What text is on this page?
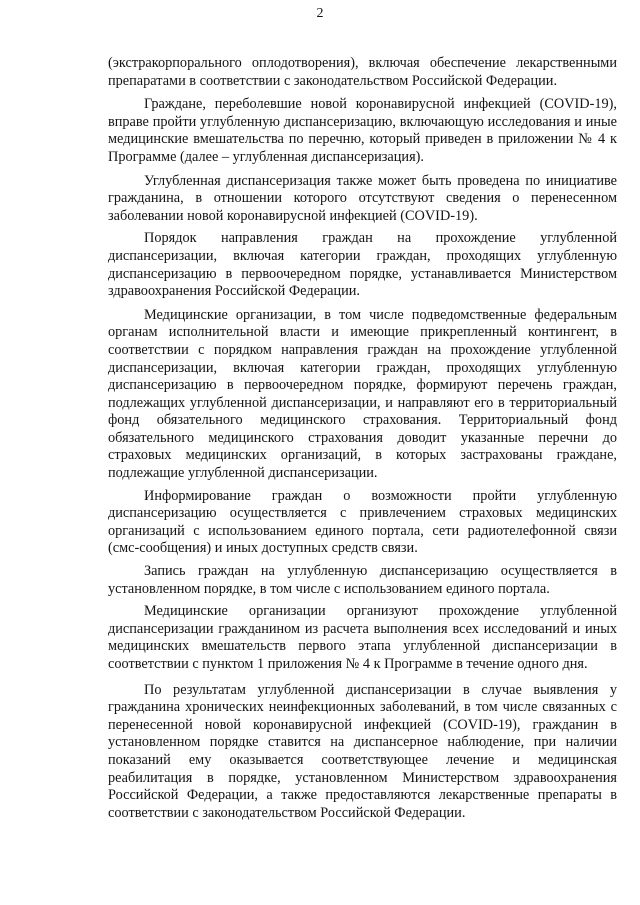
2

(экстракорпорального оплодотворения), включая обеспечение лекарственными препаратами в соответствии с законодательством Российской Федерации.

Граждане, переболевшие новой коронавирусной инфекцией (COVID-19), вправе пройти углубленную диспансеризацию, включающую исследования и иные медицинские вмешательства по перечню, который приведен в приложении № 4 к Программе (далее – углубленная диспансеризация).

Углубленная диспансеризация также может быть проведена по инициативе гражданина, в отношении которого отсутствуют сведения о перенесенном заболевании новой коронавирусной инфекцией (COVID-19).

Порядок направления граждан на прохождение углубленной диспансеризации, включая категории граждан, проходящих углубленную диспансеризацию в первоочередном порядке, устанавливается Министерством здравоохранения Российской Федерации.

Медицинские организации, в том числе подведомственные федеральным органам исполнительной власти и имеющие прикрепленный контингент, в соответствии с порядком направления граждан на прохождение углубленной диспансеризации, включая категории граждан, проходящих углубленную диспансеризацию в первоочередном порядке, формируют перечень граждан, подлежащих углубленной диспансеризации, и направляют его в территориальный фонд обязательного медицинского страхования. Территориальный фонд обязательного медицинского страхования доводит указанные перечни до страховых медицинских организаций, в которых застрахованы граждане, подлежащие углубленной диспансеризации.

Информирование граждан о возможности пройти углубленную диспансеризацию осуществляется с привлечением страховых медицинских организаций с использованием единого портала, сети радиотелефонной связи (смс-сообщения) и иных доступных средств связи.

Запись граждан на углубленную диспансеризацию осуществляется в установленном порядке, в том числе с использованием единого портала.

Медицинские организации организуют прохождение углубленной диспансеризации гражданином из расчета выполнения всех исследований и иных медицинских вмешательств первого этапа углубленной диспансеризации в соответствии с пунктом 1 приложения № 4 к Программе в течение одного дня.

По результатам углубленной диспансеризации в случае выявления у гражданина хронических неинфекционных заболеваний, в том числе связанных с перенесенной новой коронавирусной инфекцией (COVID-19), гражданин в установленном порядке ставится на диспансерное наблюдение, при наличии показаний ему оказывается соответствующее лечение и медицинская реабилитация в порядке, установленном Министерством здравоохранения Российской Федерации, а также предоставляются лекарственные препараты в соответствии с законодательством Российской Федерации.
